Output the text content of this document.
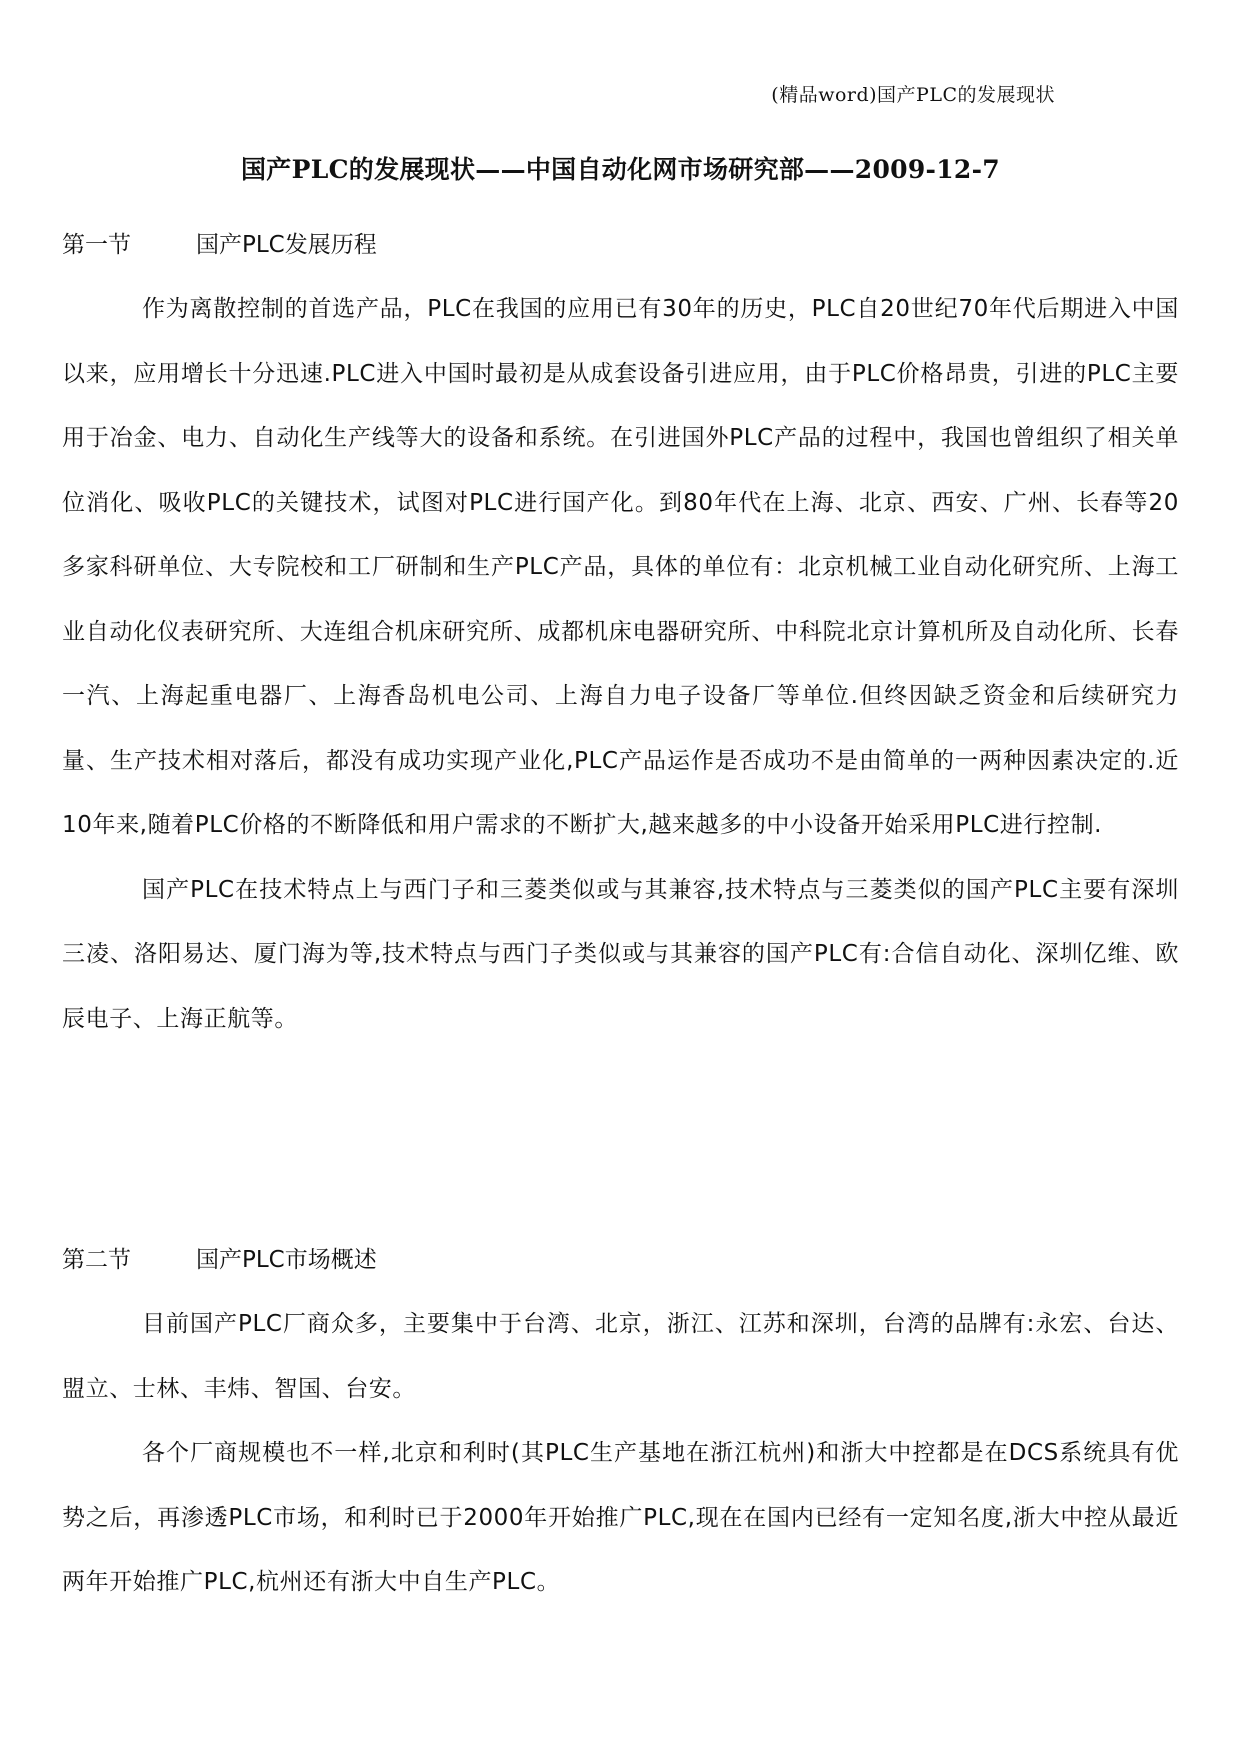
(精品word)国产PLC的发展现状
国产PLC的发展现状——中国自动化网市场研究部——2009-12-7

第一节	国产PLC发展历程

作为离散控制的首选产品，PLC在我国的应用已有30年的历史，PLC自20世纪70年代后期进入中国以来，应用增长十分迅速.PLC进入中国时最初是从成套设备引进应用，由于PLC价格昂贵，引进的PLC主要用于冶金、电力、自动化生产线等大的设备和系统。在引进国外PLC产品的过程中，我国也曾组织了相关单位消化、吸收PLC的关键技术，试图对PLC进行国产化。到80年代在上海、北京、西安、广州、长春等20多家科研单位、大专院校和工厂研制和生产PLC产品，具体的单位有：北京机械工业自动化研究所、上海工业自动化仪表研究所、大连组合机床研究所、成都机床电器研究所、中科院北京计算机所及自动化所、长春一汽、上海起重电器厂、上海香岛机电公司、上海自力电子设备厂等单位.但终因缺乏资金和后续研究力量、生产技术相对落后，都没有成功实现产业化,PLC产品运作是否成功不是由简单的一两种因素决定的.近10年来,随着PLC价格的不断降低和用户需求的不断扩大,越来越多的中小设备开始采用PLC进行控制.

国产PLC在技术特点上与西门子和三菱类似或与其兼容,技术特点与三菱类似的国产PLC主要有深圳三凌、洛阳易达、厦门海为等,技术特点与西门子类似或与其兼容的国产PLC有:合信自动化、深圳亿维、欧辰电子、上海正航等。

第二节	国产PLC市场概述

目前国产PLC厂商众多，主要集中于台湾、北京，浙江、江苏和深圳，台湾的品牌有:永宏、台达、盟立、士林、丰炜、智国、台安。

各个厂商规模也不一样,北京和利时(其PLC生产基地在浙江杭州)和浙大中控都是在DCS系统具有优势之后，再渗透PLC市场，和利时已于2000年开始推广PLC,现在在国内已经有一定知名度,浙大中控从最近两年开始推广PLC,杭州还有浙大中自生产PLC。
